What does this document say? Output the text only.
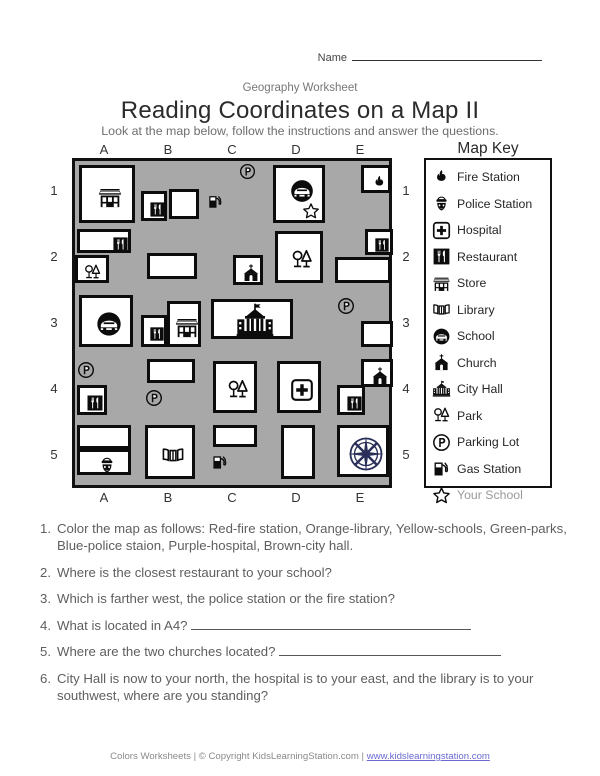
Name
Geography Worksheet
Reading Coordinates on a Map II
Look at the map below, follow the instructions and answer the questions.
A	B	C	D	E
A	B	C	D	E
1
2
3
4
5
1
2
3
4
5
Map Key
Fire Station
Police Station
Hospital
Restaurant
Store
Library
School
Church
City Hall
Park
Parking Lot
Gas Station
Your School
1. Color the map as follows: Red-fire station, Orange-library, Yellow-schools, Green-parks, Blue-police staion, Purple-hospital, Brown-city hall.
2. Where is the closest restaurant to your school?
3. Which is farther west, the police station or the fire station?
4. What is located in A4?
5. Where are the two churches located?
6. City Hall is now to your north, the hospital is to your east, and the library is to your southwest, where are you standing?
Colors Worksheets | © Copyright KidsLearningStation.com | www.kidslearningstation.com
